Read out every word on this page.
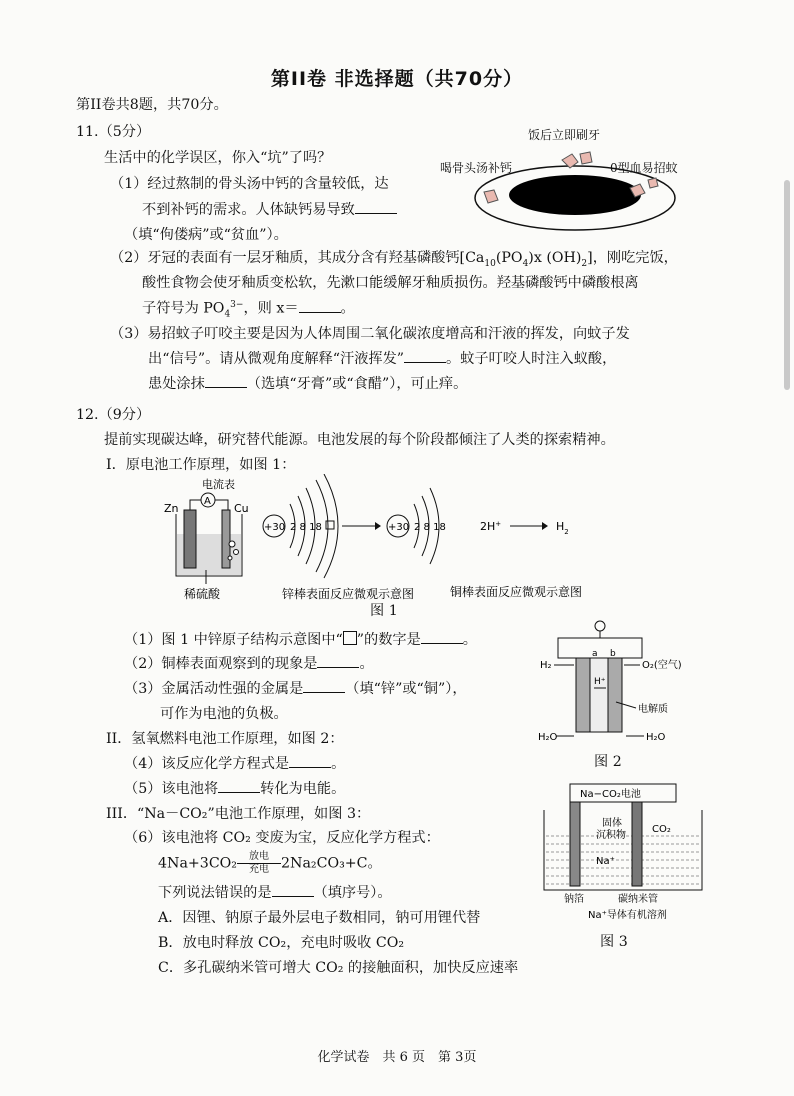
第II卷 非选择题（共70分）
第II卷共8题，共70分。
11.（5分）
生活中的化学误区，你入“坑”了吗？
（1）经过熬制的骨头汤中钙的含量较低，达
不到补钙的需求。人体缺钙易导致
（填“佝偻病”或“贫血”）。
（2）牙冠的表面有一层牙釉质，其成分含有羟基磷酸钙[$Ca_{10}(PO_4)x$ $(OH)_2$]，刚吃完饭，
酸性食物会使牙釉质变松软，先漱口能缓解牙釉质损伤。羟基磷酸钙中磷酸根离
子符号为 $PO_4^{3-}$，则 x＝	。
（3）易招蚊子叮咬主要是因为人体周围二氧化碳浓度增高和汗液的挥发，向蚊子发
出“信号”。请从微观角度解释“汗液挥发”	。蚊子叮咬人时注入蚁酸，
患处涂抹	（选填“牙膏”或“食醋”），可止痒。
饭后立即刷牙
喝骨头汤补钙	0型血易招蚊
12.（9分）
提前实现碳达峰，研究替代能源。电池发展的每个阶段都倾注了人类的探索精神。
I．原电池工作原理，如图 1：
电流表
A
Zn	Cu
稀硫酸
+30 2 8 18	+30 2 8 18	2H+	$H_2$
锌棒表面反应微观示意图	铜棒表面反应微观示意图
图 1
（1）图 1 中锌原子结构示意图中“ ”的数字是	。
（2）铜棒表面观察到的现象是	。
（3）金属活动性强的金属是	（填“锌”或“铜”），
可作为电池的负极。
II．氢氧燃料电池工作原理，如图 2：
（4）该反应化学方程式是	。
（5）该电池将	转化为电能。
III．“Na－CO₂”电池工作原理，如图 3：
（6）该电池将 CO₂ 变废为宝，反应化学方程式：
$4Na+3CO_2 \frac{\text{放电}}{\text{充电}} 2Na_2CO_3+C$。
下列说法错误的是	（填序号）。
A．因锂、钠原子最外层电子数相同，钠可用锂代替
B．放电时释放 CO₂，充电时吸收 CO₂
C．多孔碳纳米管可增大 CO₂ 的接触面积，加快反应速率
H₂
a b
O₂(空气)
H⁺
电解质
H₂O	H₂O
图 2
Na−CO₂电池
固体
沉积物
CO₂
Na⁺
钠箔	碳纳米管
Na⁺导体有机溶剂
图 3
化学试卷　共 6 页　第 3页
